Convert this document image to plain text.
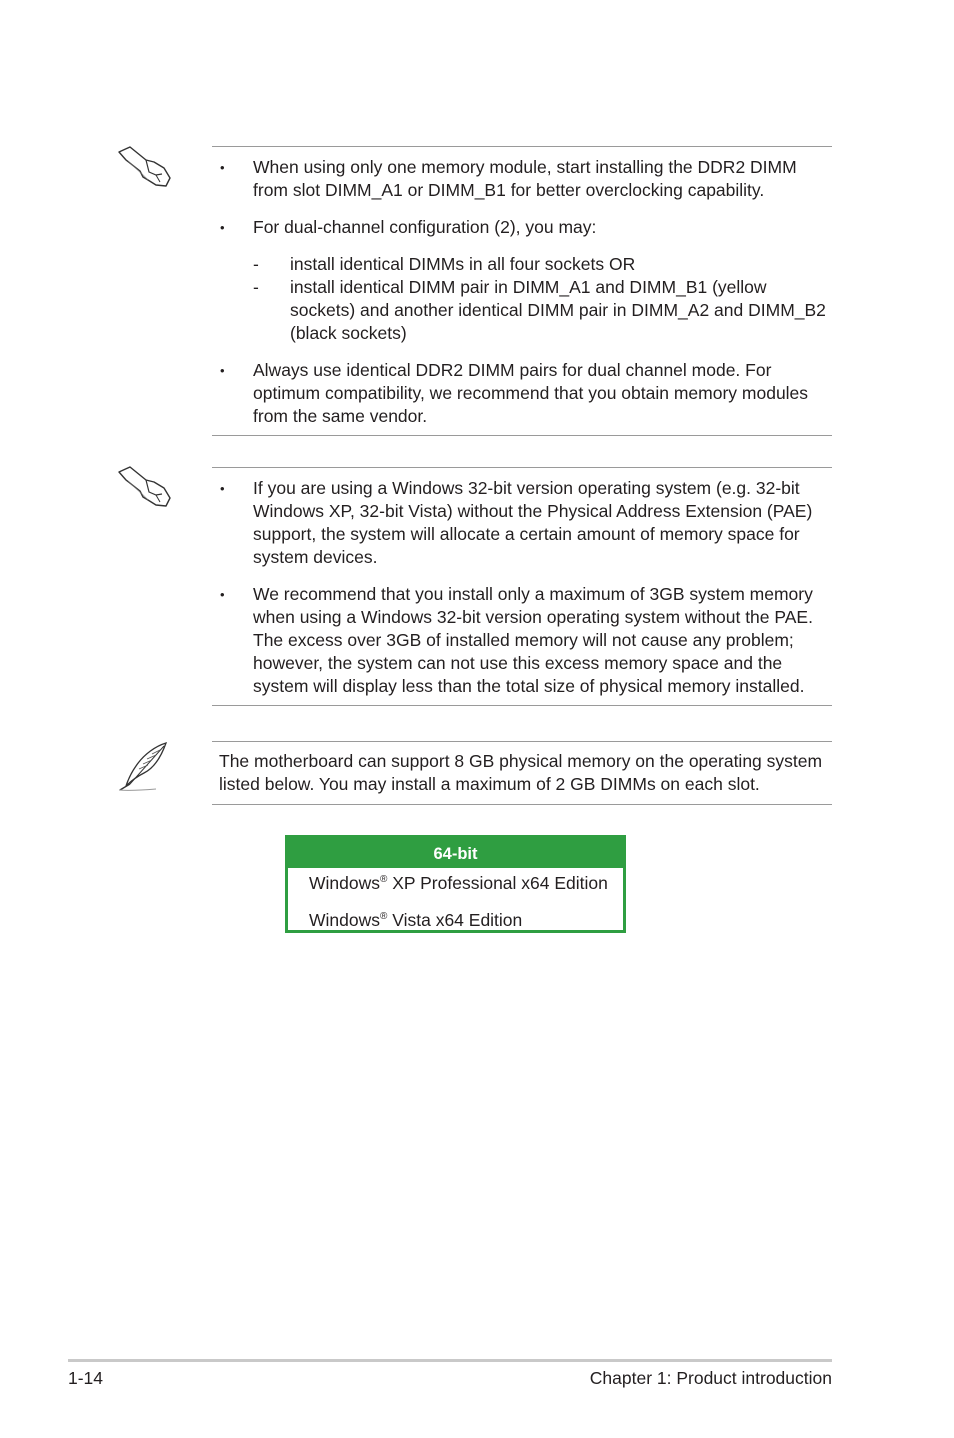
• When using only one memory module, start installing the DDR2 DIMM from slot DIMM_A1 or DIMM_B1 for better overclocking capability.
• For dual-channel configuration (2), you may:
- install identical DIMMs in all four sockets OR
- install identical DIMM pair in DIMM_A1 and DIMM_B1 (yellow sockets) and another identical DIMM pair in DIMM_A2 and DIMM_B2 (black sockets)
• Always use identical DDR2 DIMM pairs for dual channel mode. For optimum compatibility, we recommend that you obtain memory modules from the same vendor.
• If you are using a Windows 32-bit version operating system (e.g. 32-bit Windows XP, 32-bit Vista) without the Physical Address Extension (PAE) support, the system will allocate a certain amount of memory space for system devices.
• We recommend that you install only a maximum of 3GB system memory when using a Windows 32-bit version operating system without the PAE. The excess over 3GB of installed memory will not cause any problem; however, the system can not use this excess memory space and the system will display less than the total size of physical memory installed.
The motherboard can support 8 GB physical memory on the operating system listed below. You may install a maximum of 2 GB DIMMs on each slot.
64-bit
Windows® XP Professional x64 Edition
Windows® Vista x64 Edition
1-14	Chapter 1: Product introduction
